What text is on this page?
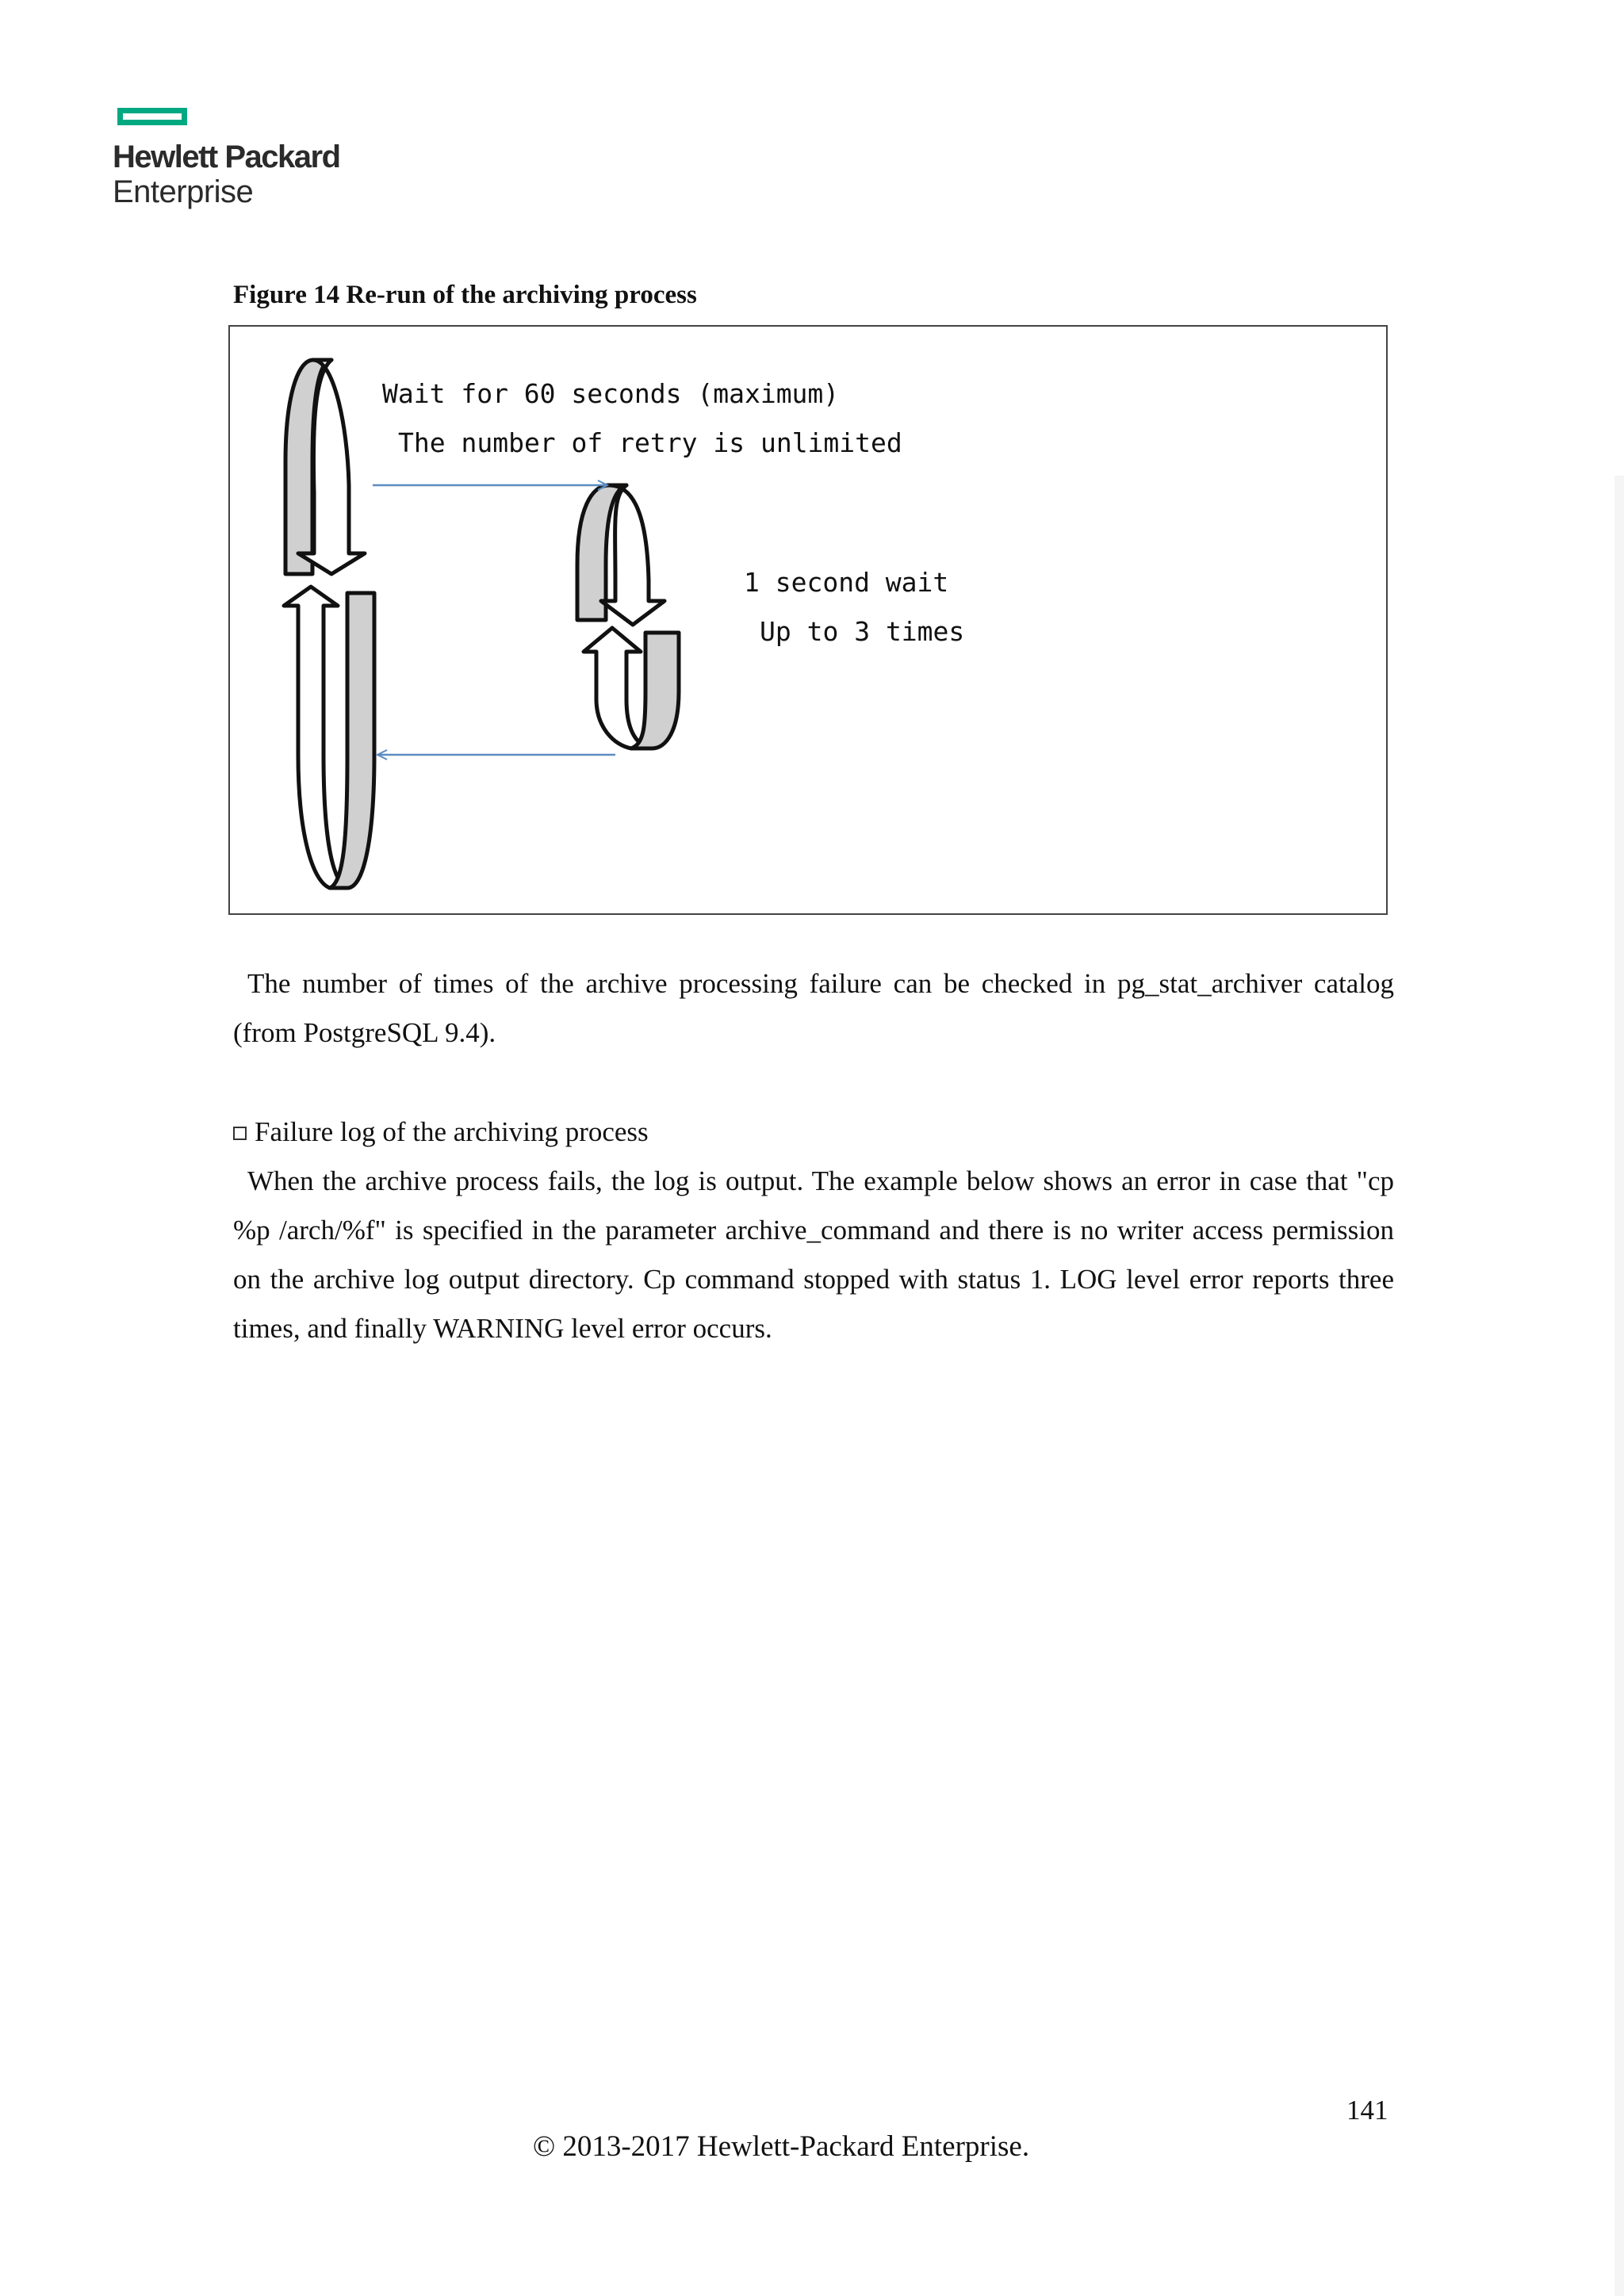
Hewlett Packard
Enterprise
Figure 14 Re-run of the archiving process
Wait for 60 seconds (maximum)
The number of retry is unlimited
1 second wait
Up to 3 times
The number of times of the archive processing failure can be checked in pg_stat_archiver catalog (from PostgreSQL 9.4).
Failure log of the archiving process
When the archive process fails, the log is output. The example below shows an error in case that "cp %p /arch/%f" is specified in the parameter archive_command and there is no writer access permission on the archive log output directory. Cp command stopped with status 1. LOG level error reports three times, and finally WARNING level error occurs.
141
© 2013-2017 Hewlett-Packard Enterprise.
